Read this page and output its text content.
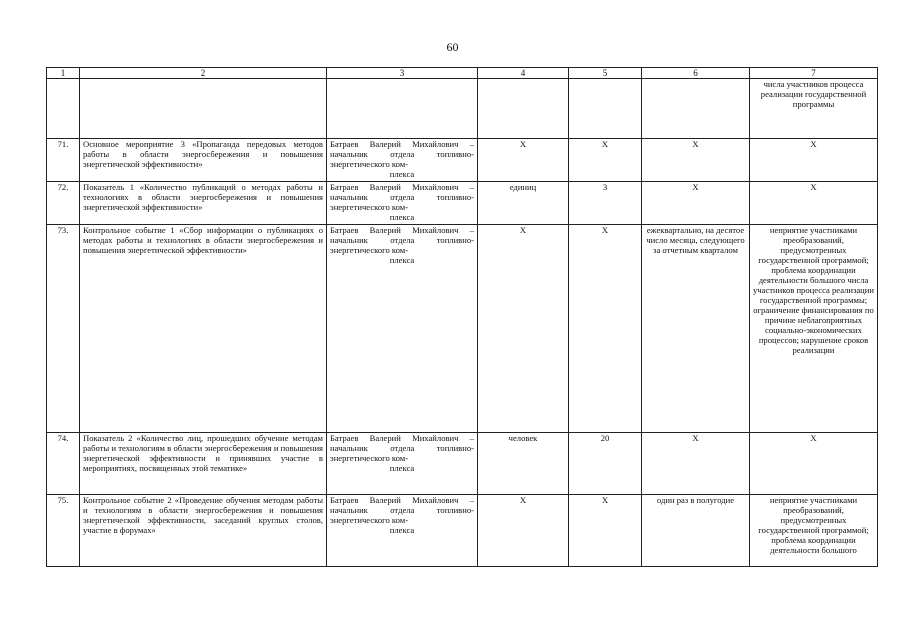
60
1	2	3	4	5	6	7

				числа участников процесса реализации государственной программы
71.	Основное мероприятие 3 «Пропаганда передовых методов работы в области энергосбережения и повышения энергетической эффективности»	Батраев Валерий Михайлович – начальник отдела топливно-энергетического ком-
плекса	Х	Х	Х	Х
72.	Показатель 1 «Количество публикаций о методах работы и технологиях в области энергосбережения и повышения энергетической эффективности»	Батраев Валерий Михайлович – начальник отдела топливно-энергетического ком-
плекса	единиц	3	Х	Х
73.	Контрольное событие 1 «Сбор информации о публикациях о методах работы и технологиях в области энергосбережения и повышения энергетической эффективности»	Батраев Валерий Михайлович – начальник отдела топливно-энергетического ком-
плекса	Х	Х	ежеквартально, на десятое число месяца, следующего за отчетным кварталом	неприятие участниками преобразований, предусмотренных государственной программой; проблема координации деятельности большого числа участников процесса реализации государственной программы; ограничение финансирования по причине неблагоприятных социально-экономических процессов; нарушение сроков реализации
74.	Показатель 2 «Количество лиц, прошедших обучение методам работы и технологиям в области энергосбережения и повышения энергетической эффективности и принявших участие в мероприятиях, посвященных этой тематике»	Батраев Валерий Михайлович – начальник отдела топливно-энергетического ком-
плекса	человек	20	Х	Х
75.	Контрольное событие 2 «Проведение обучения методам работы и технологиям в области энергосбережения и повышения энергетической эффективности, заседаний круглых столов, участие в форумах»	Батраев Валерий Михайлович – начальник отдела топливно-энергетического ком-
плекса	Х	Х	один раз в полугодие	неприятие участниками преобразований, предусмотренных государственной программой; проблема координации деятельности большого
